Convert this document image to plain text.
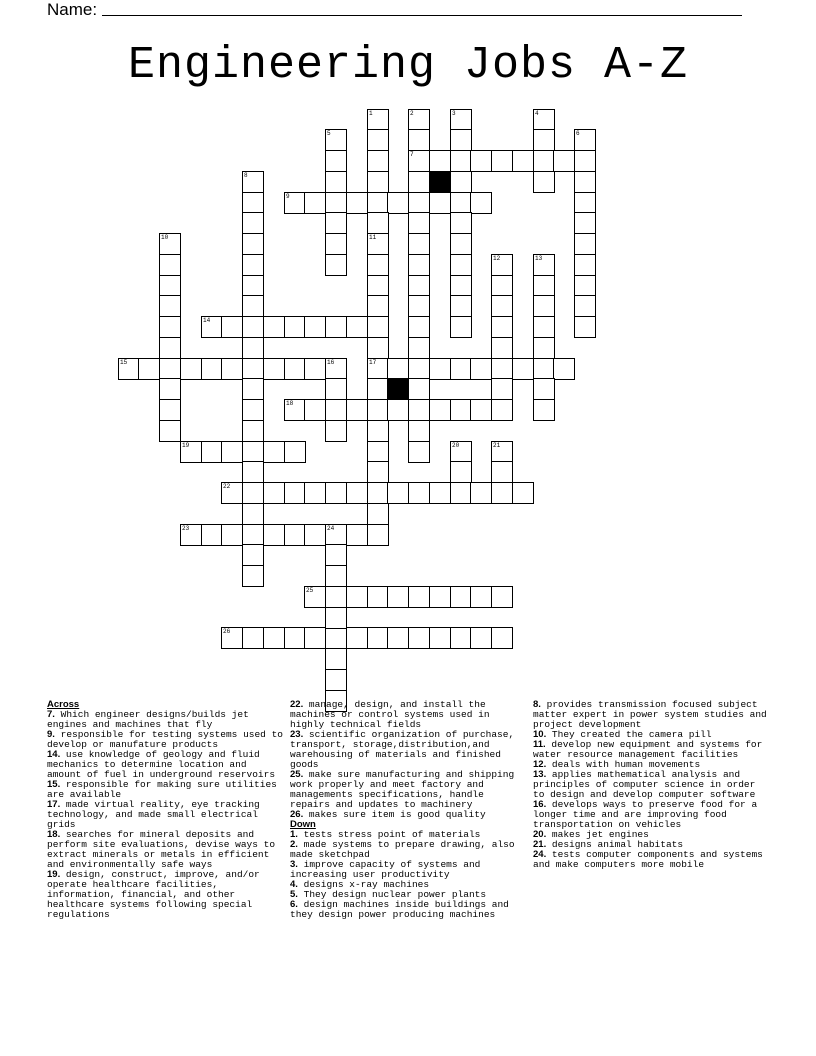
Name:
Engineering Jobs A-Z
1	2	3	4
5	6
7
8
9
10	11
12	13
14
15	16	17
18
19	20	21
22
23	24
25
26
Across
7. Which engineer designs/builds jet engines and machines that fly
9. responsible for testing systems used to develop or manufature products
14. use knowledge of geology and fluid mechanics to determine location and amount of fuel in underground reservoirs
15. responsible for making sure utilities are available
17. made virtual reality, eye tracking technology, and made small electrical grids
18. searches for mineral deposits and perform site evaluations, devise ways to extract minerals or metals in efficient and environmentally safe ways
19. design, construct, improve, and/or operate healthcare facilities, information, financial, and other healthcare systems following special regulations
22. manage, design, and install the machines or control systems used in highly technical fields
23. scientific organization of purchase, transport, storage,distribution,and warehousing of materials and finished goods
25. make sure manufacturing and shipping work properly and meet factory and managements specifications, handle repairs and updates to machinery
26. makes sure item is good quality
Down
1. tests stress point of materials
2. made systems to prepare drawing, also made sketchpad
3. improve capacity of systems and increasing user productivity
4. designs x-ray machines
5. They design nuclear power plants
6. design machines inside buildings and they design power producing machines
8. provides transmission focused subject matter expert in power system studies and project development
10. They created the camera pill
11. develop new equipment and systems for water resource management facilities
12. deals with human movements
13. applies mathematical analysis and principles of computer science in order to design and develop computer software
16. develops ways to preserve food for a longer time and are improving food transportation on vehicles
20. makes jet engines
21. designs animal habitats
24. tests computer components and systems and make computers more mobile
